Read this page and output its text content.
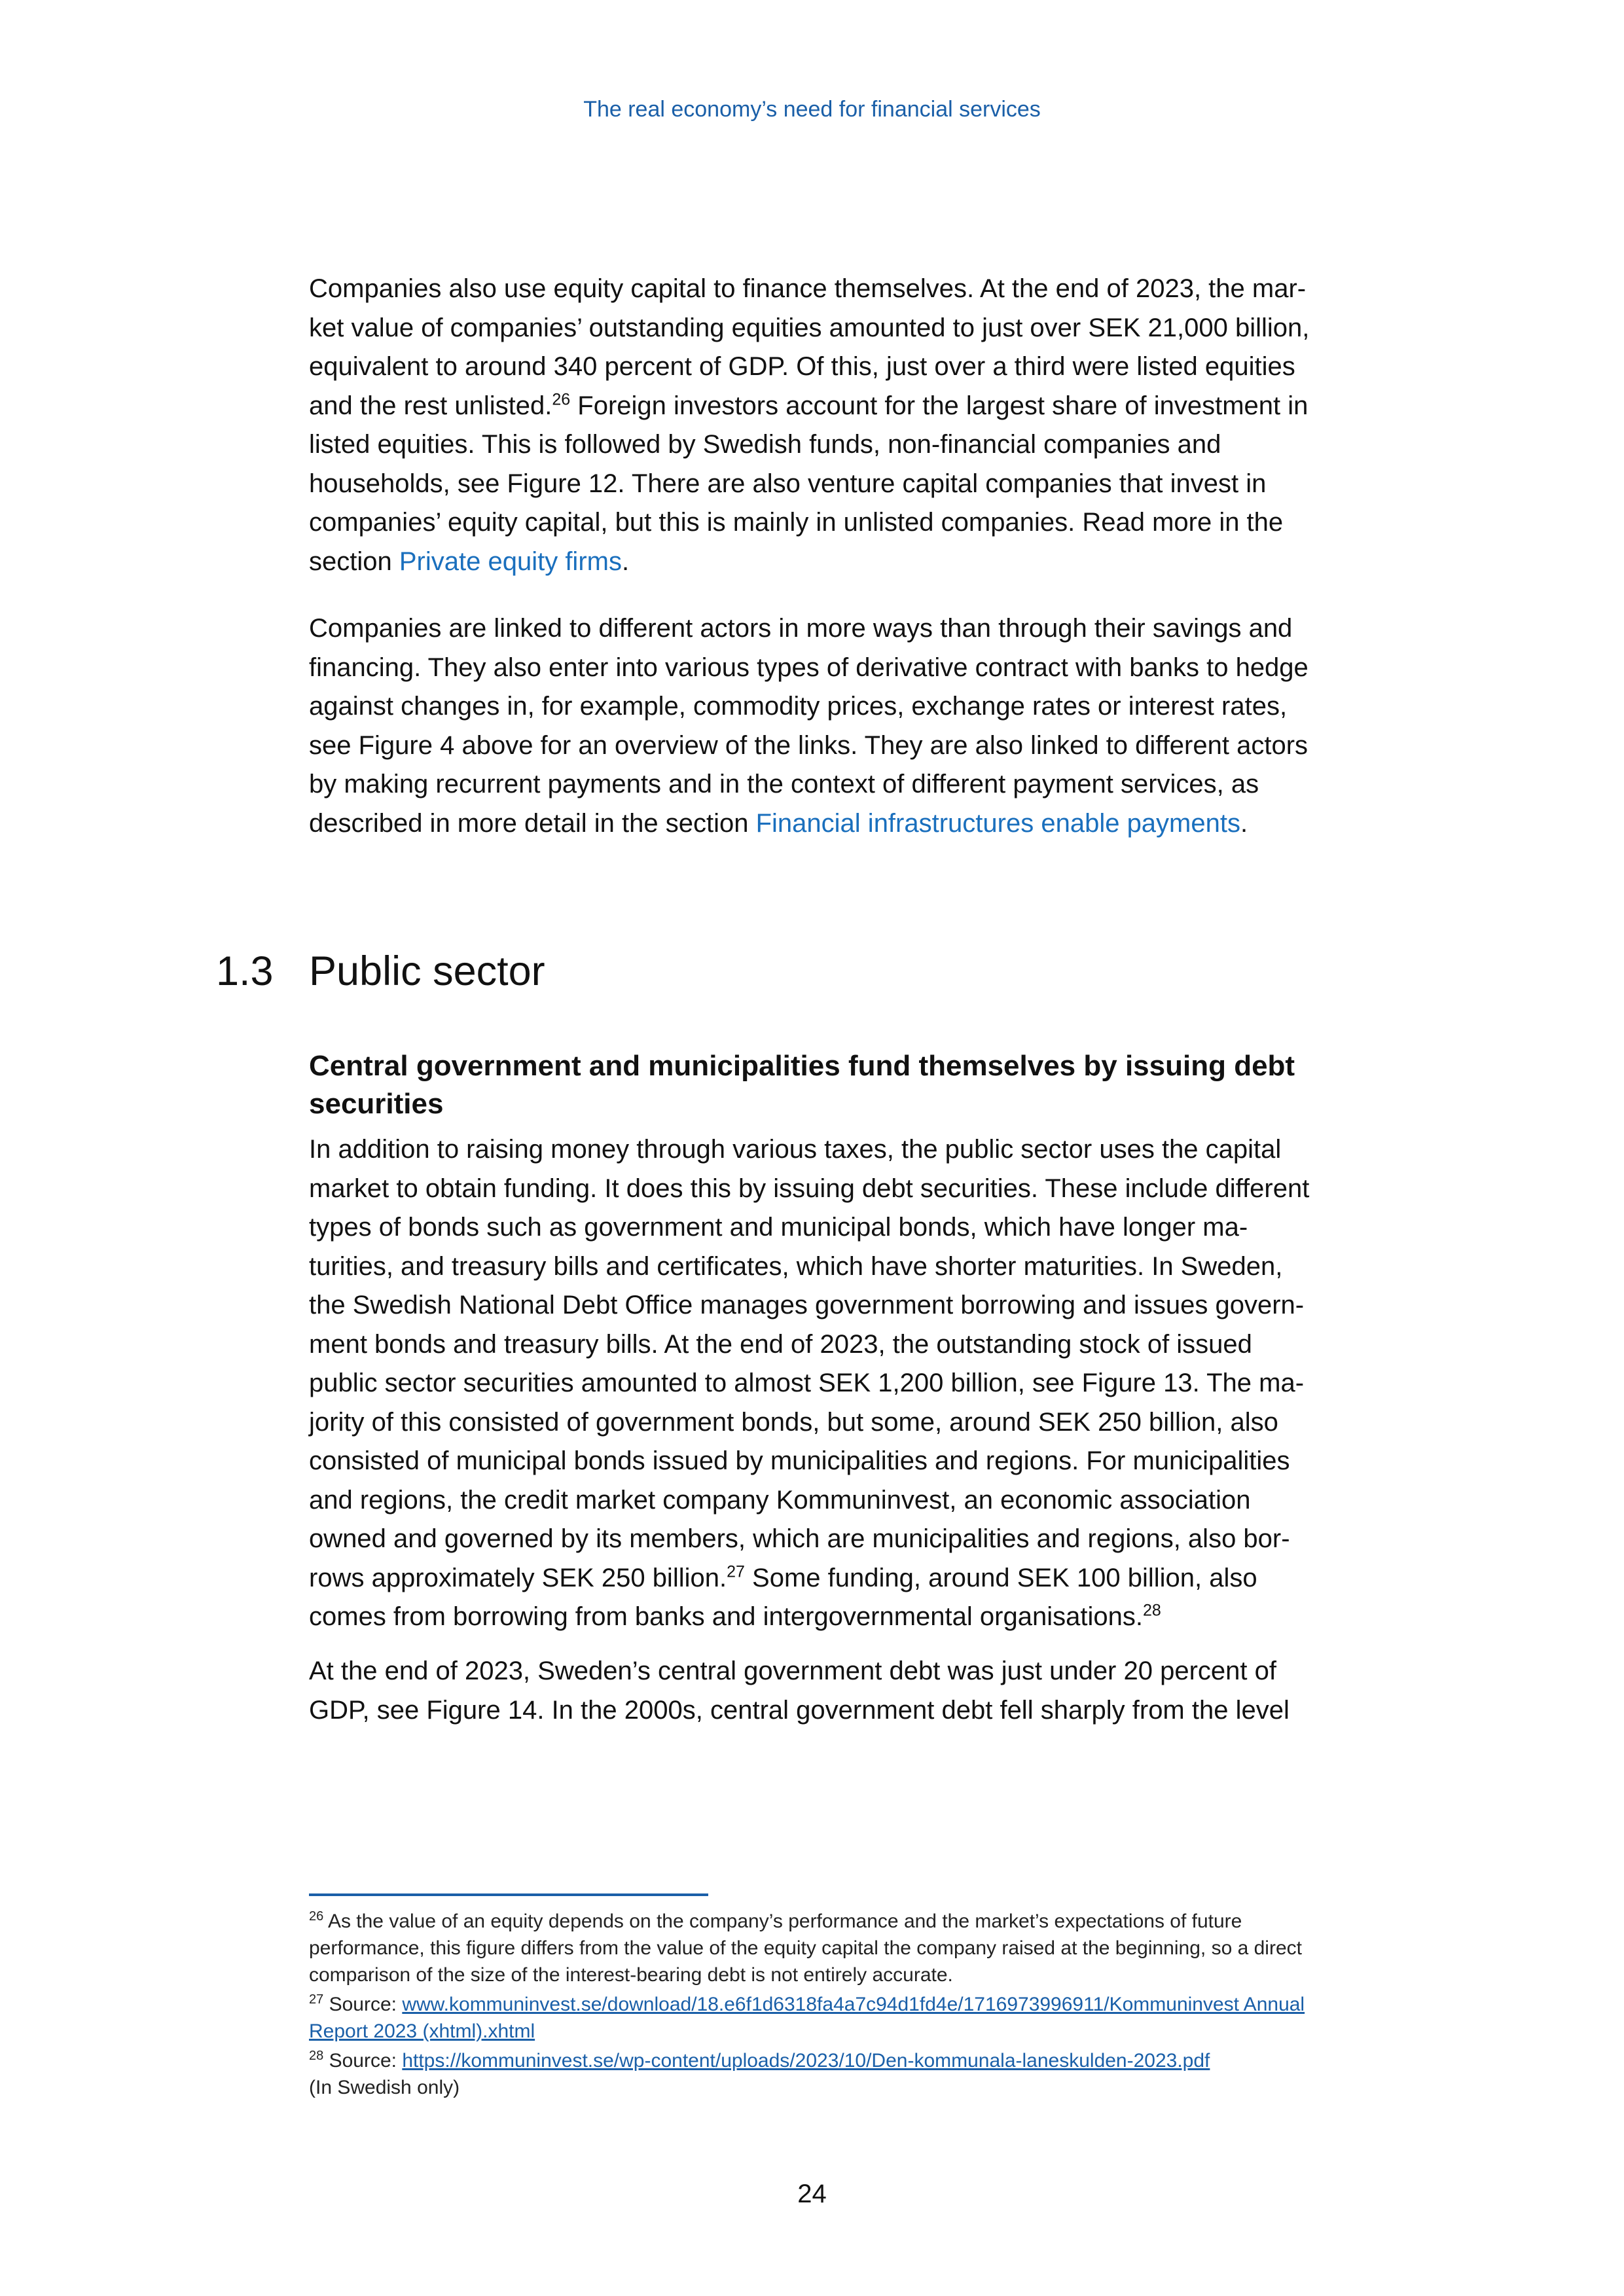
The real economy’s need for financial services

Companies also use equity capital to finance themselves. At the end of 2023, the market value of companies’ outstanding equities amounted to just over SEK 21,000 billion, equivalent to around 340 percent of GDP. Of this, just over a third were listed equities and the rest unlisted.$^{26}$ Foreign investors account for the largest share of investment in listed equities. This is followed by Swedish funds, non-financial companies and households, see Figure 12. There are also venture capital companies that invest in companies’ equity capital, but this is mainly in unlisted companies. Read more in the section Private equity firms.

Companies are linked to different actors in more ways than through their savings and financing. They also enter into various types of derivative contract with banks to hedge against changes in, for example, commodity prices, exchange rates or interest rates, see Figure 4 above for an overview of the links. They are also linked to different actors by making recurrent payments and in the context of different payment services, as described in more detail in the section Financial infrastructures enable payments.

1.3 Public sector
Central government and municipalities fund themselves by issuing debt securities

In addition to raising money through various taxes, the public sector uses the capital market to obtain funding. It does this by issuing debt securities. These include different types of bonds such as government and municipal bonds, which have longer maturities, and treasury bills and certificates, which have shorter maturities. In Sweden, the Swedish National Debt Office manages government borrowing and issues government bonds and treasury bills. At the end of 2023, the outstanding stock of issued public sector securities amounted to almost SEK 1,200 billion, see Figure 13. The majority of this consisted of government bonds, but some, around SEK 250 billion, also consisted of municipal bonds issued by municipalities and regions. For municipalities and regions, the credit market company Kommuninvest, an economic association owned and governed by its members, which are municipalities and regions, also borrows approximately SEK 250 billion.$^{27}$ Some funding, around SEK 100 billion, also comes from borrowing from banks and intergovernmental organisations.$^{28}$

At the end of 2023, Sweden’s central government debt was just under 20 percent of GDP, see Figure 14. In the 2000s, central government debt fell sharply from the level

$^{26}$ As the value of an equity depends on the company’s performance and the market’s expectations of future performance, this figure differs from the value of the equity capital the company raised at the beginning, so a direct comparison of the size of the interest-bearing debt is not entirely accurate.

$^{27}$ Source: www.kommuninvest.se/download/18.e6f1d6318fa4a7c94d1fd4e/1716973996911/Kommuninvest Annual Report 2023 (xhtml).xhtml

$^{28}$ Source: https://kommuninvest.se/wp-content/uploads/2023/10/Den-kommunala-laneskulden-2023.pdf
(In Swedish only)

24
